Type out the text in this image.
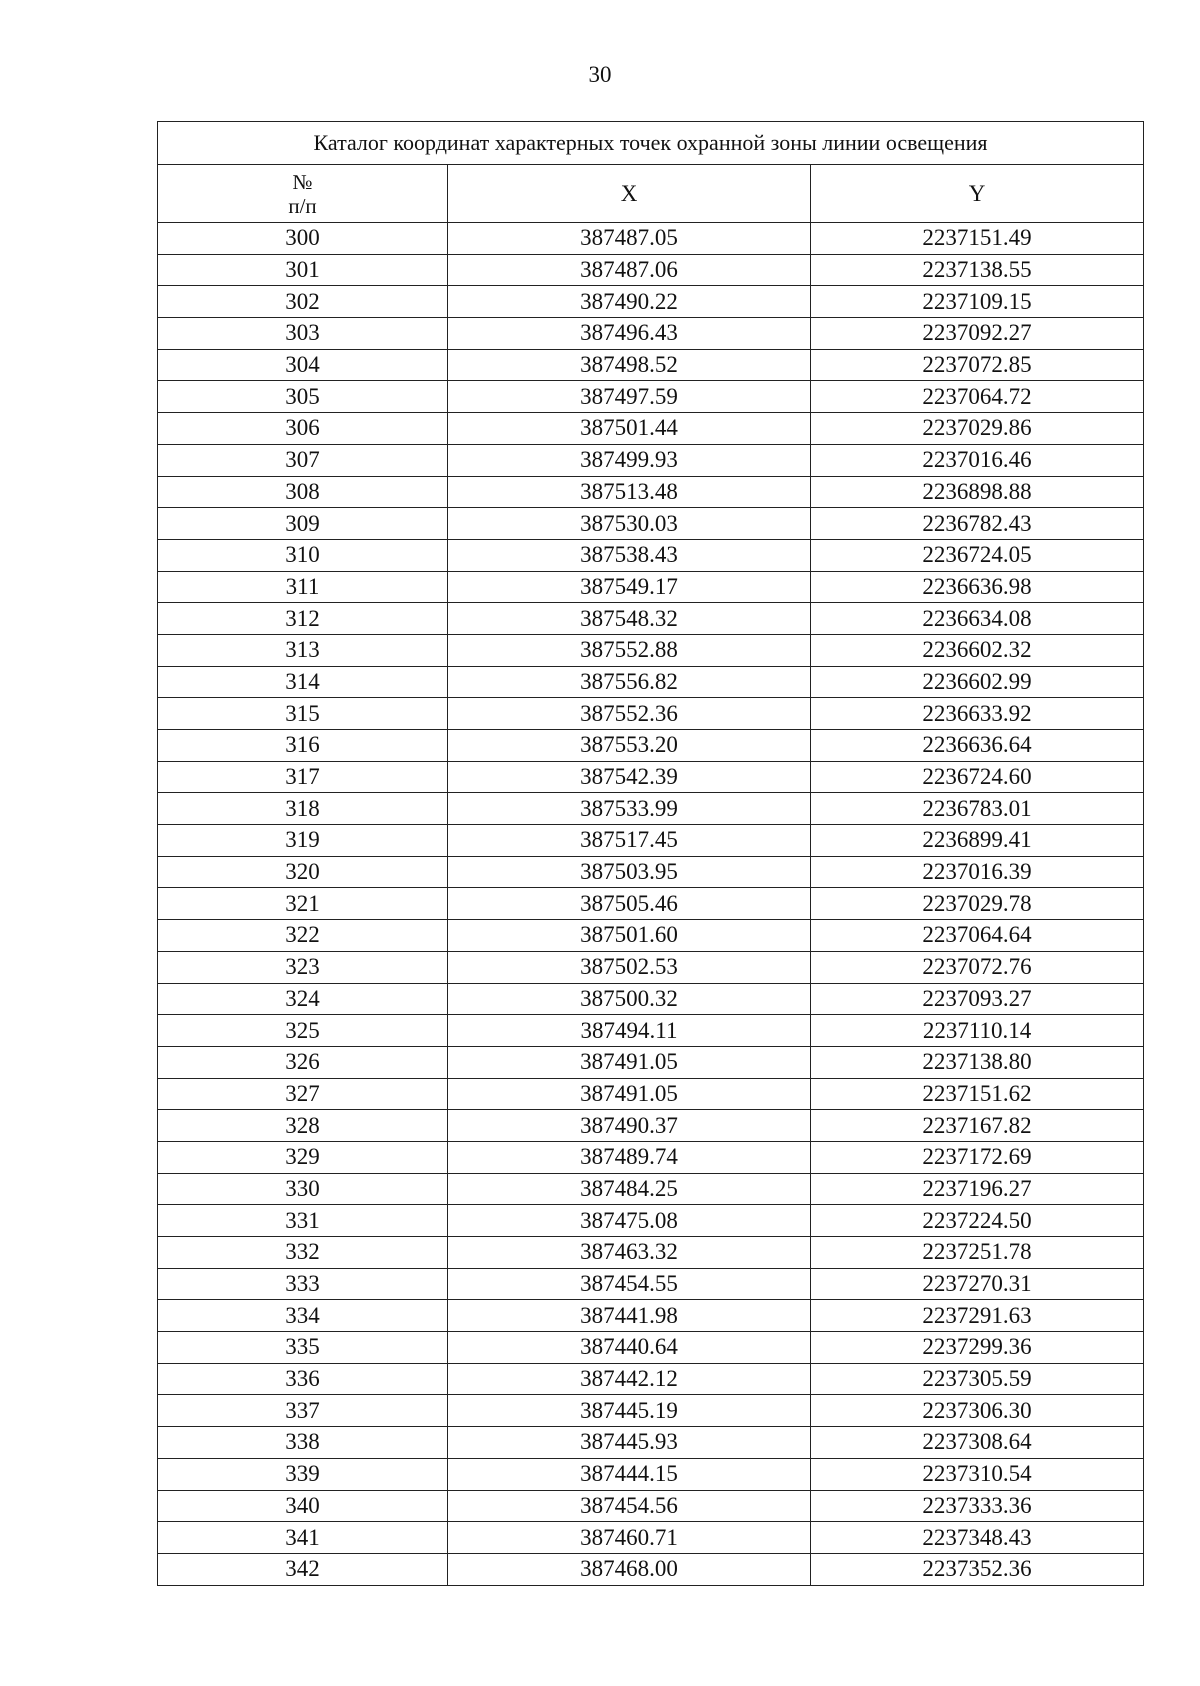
30
Каталог координат характерных точек охранной зоны линии освещения		
№
п/п	X	Y
300	387487.05	2237151.49
301	387487.06	2237138.55
302	387490.22	2237109.15
303	387496.43	2237092.27
304	387498.52	2237072.85
305	387497.59	2237064.72
306	387501.44	2237029.86
307	387499.93	2237016.46
308	387513.48	2236898.88
309	387530.03	2236782.43
310	387538.43	2236724.05
311	387549.17	2236636.98
312	387548.32	2236634.08
313	387552.88	2236602.32
314	387556.82	2236602.99
315	387552.36	2236633.92
316	387553.20	2236636.64
317	387542.39	2236724.60
318	387533.99	2236783.01
319	387517.45	2236899.41
320	387503.95	2237016.39
321	387505.46	2237029.78
322	387501.60	2237064.64
323	387502.53	2237072.76
324	387500.32	2237093.27
325	387494.11	2237110.14
326	387491.05	2237138.80
327	387491.05	2237151.62
328	387490.37	2237167.82
329	387489.74	2237172.69
330	387484.25	2237196.27
331	387475.08	2237224.50
332	387463.32	2237251.78
333	387454.55	2237270.31
334	387441.98	2237291.63
335	387440.64	2237299.36
336	387442.12	2237305.59
337	387445.19	2237306.30
338	387445.93	2237308.64
339	387444.15	2237310.54
340	387454.56	2237333.36
341	387460.71	2237348.43
342	387468.00	2237352.36
